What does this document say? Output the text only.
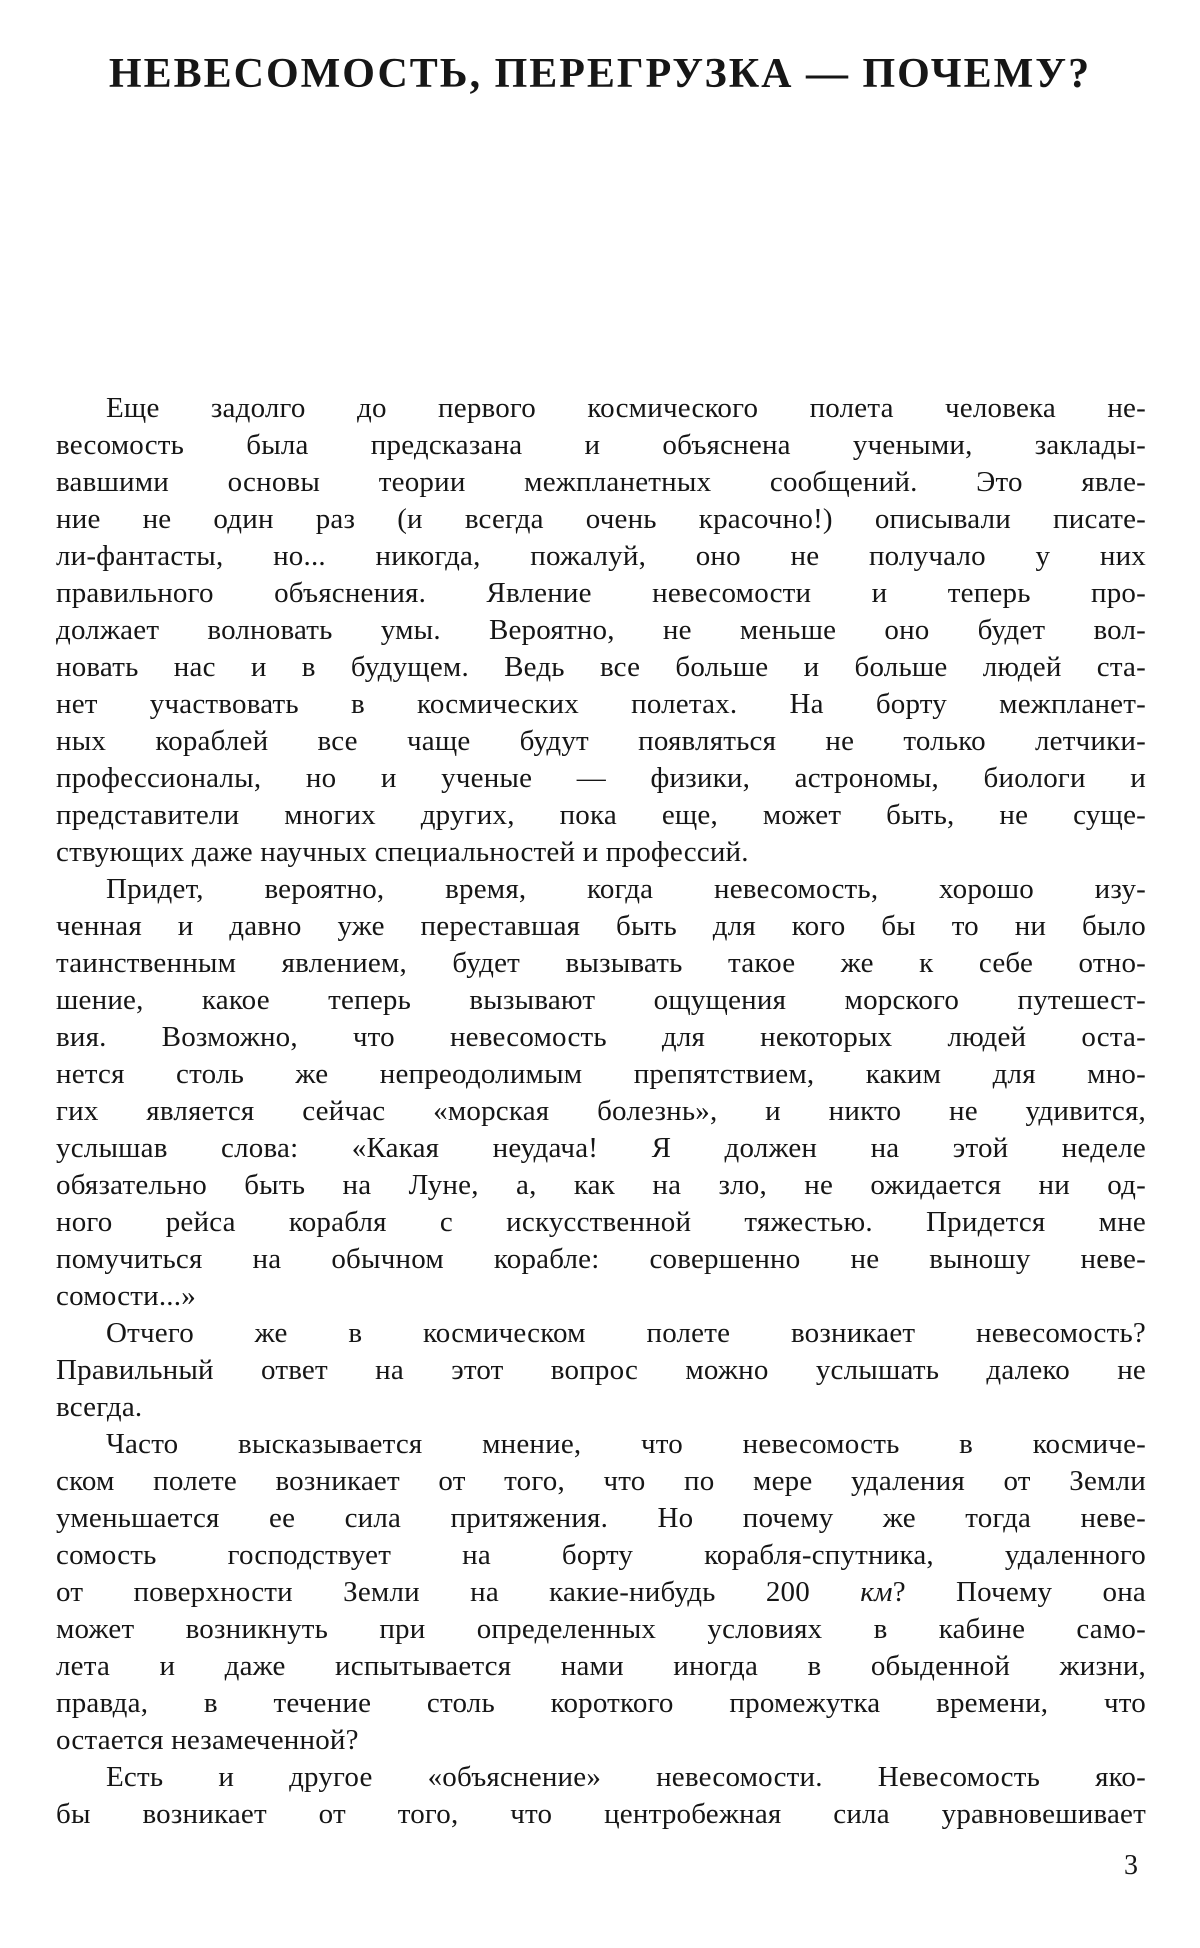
НЕВЕСОМОСТЬ, ПЕРЕГРУЗКА — ПОЧЕМУ?
Еще задолго до первого космического полета человека не-
весомость была предсказана и объяснена учеными, заклады-
вавшими основы теории межпланетных сообщений. Это явле-
ние не один раз (и всегда очень красочно!) описывали писате-
ли-фантасты, но... никогда, пожалуй, оно не получало у них
правильного объяснения. Явление невесомости и теперь про-
должает волновать умы. Вероятно, не меньше оно будет вол-
новать нас и в будущем. Ведь все больше и больше людей ста-
нет участвовать в космических полетах. На борту межпланет-
ных кораблей все чаще будут появляться не только летчики-
профессионалы, но и ученые — физики, астрономы, биологи и
представители многих других, пока еще, может быть, не суще-
ствующих даже научных специальностей и профессий.
Придет, вероятно, время, когда невесомость, хорошо изу-
ченная и давно уже переставшая быть для кого бы то ни было
таинственным явлением, будет вызывать такое же к себе отно-
шение, какое теперь вызывают ощущения морского путешест-
вия. Возможно, что невесомость для некоторых людей оста-
нется столь же непреодолимым препятствием, каким для мно-
гих является сейчас «морская болезнь», и никто не удивится,
услышав слова: «Какая неудача! Я должен на этой неделе
обязательно быть на Луне, а, как на зло, не ожидается ни од-
ного рейса корабля с искусственной тяжестью. Придется мне
помучиться на обычном корабле: совершенно не выношу неве-
сомости...»
Отчего же в космическом полете возникает невесомость?
Правильный ответ на этот вопрос можно услышать далеко не
всегда.
Часто высказывается мнение, что невесомость в космиче-
ском полете возникает от того, что по мере удаления от Земли
уменьшается ее сила притяжения. Но почему же тогда неве-
сомость господствует на борту корабля-спутника, удаленного
от поверхности Земли на какие-нибудь 200 км? Почему она
может возникнуть при определенных условиях в кабине само-
лета и даже испытывается нами иногда в обыденной жизни,
правда, в течение столь короткого промежутка времени, что
остается незамеченной?
Есть и другое «объяснение» невесомости. Невесомость яко-
бы возникает от того, что центробежная сила уравновешивает
3
